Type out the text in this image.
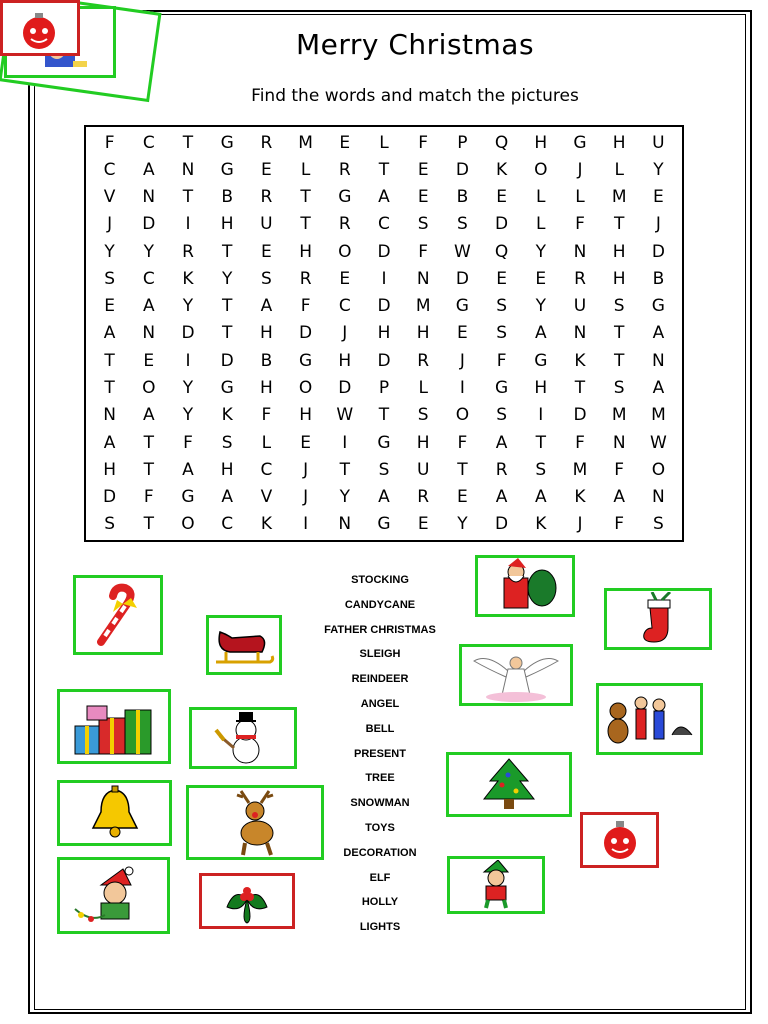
Merry Christmas
Find the words and match the pictures
F	C	T	G	R	M	E	L	F	P	Q	H	G	H	U
C	A	N	G	E	L	R	T	E	D	K	O	J	L	Y
V	N	T	B	R	T	G	A	E	B	E	L	L	M	E
J	D	I	H	U	T	R	C	S	S	D	L	F	T	J
Y	Y	R	T	E	H	O	D	F	W	Q	Y	N	H	D
S	C	K	Y	S	R	E	I	N	D	E	E	R	H	B
E	A	Y	T	A	F	C	D	M	G	S	Y	U	S	G
A	N	D	T	H	D	J	H	H	E	S	A	N	T	A
T	E	I	D	B	G	H	D	R	J	F	G	K	T	N
T	O	Y	G	H	O	D	P	L	I	G	H	T	S	A
N	A	Y	K	F	H	W	T	S	O	S	I	D	M	M
A	T	F	S	L	E	I	G	H	F	A	T	F	N	W
H	T	A	H	C	J	T	S	U	T	R	S	M	F	O
D	F	G	A	V	J	Y	A	R	E	A	A	K	A	N
S	T	O	C	K	I	N	G	E	Y	D	K	J	F	S
STOCKING
CANDYCANE
FATHER CHRISTMAS
SLEIGH
REINDEER
ANGEL
BELL
PRESENT
TREE
SNOWMAN
TOYS
DECORATION
ELF
HOLLY
LIGHTS
